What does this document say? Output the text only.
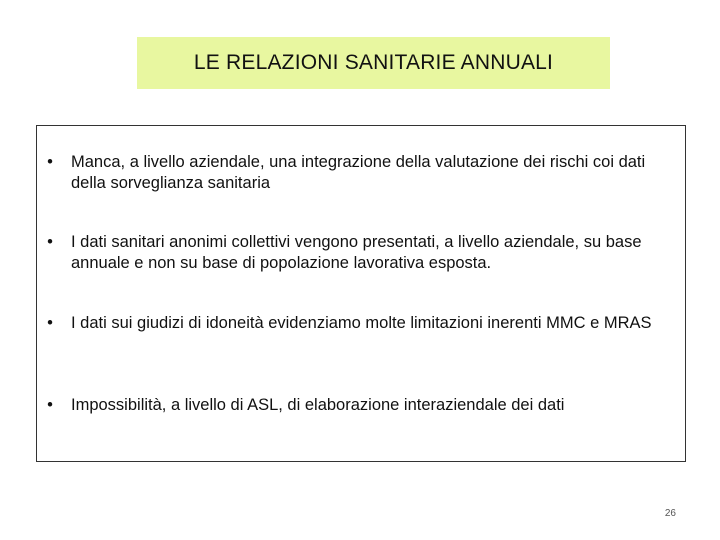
LE RELAZIONI SANITARIE ANNUALI
• Manca, a livello aziendale, una integrazione della valutazione dei rischi coi dati della sorveglianza sanitaria
• I dati sanitari anonimi collettivi vengono presentati, a livello aziendale, su base annuale e non su base di popolazione lavorativa esposta.
• I dati sui giudizi di idoneità evidenziamo molte limitazioni inerenti MMC e MRAS
• Impossibilità, a livello di ASL, di elaborazione interaziendale dei dati
26
